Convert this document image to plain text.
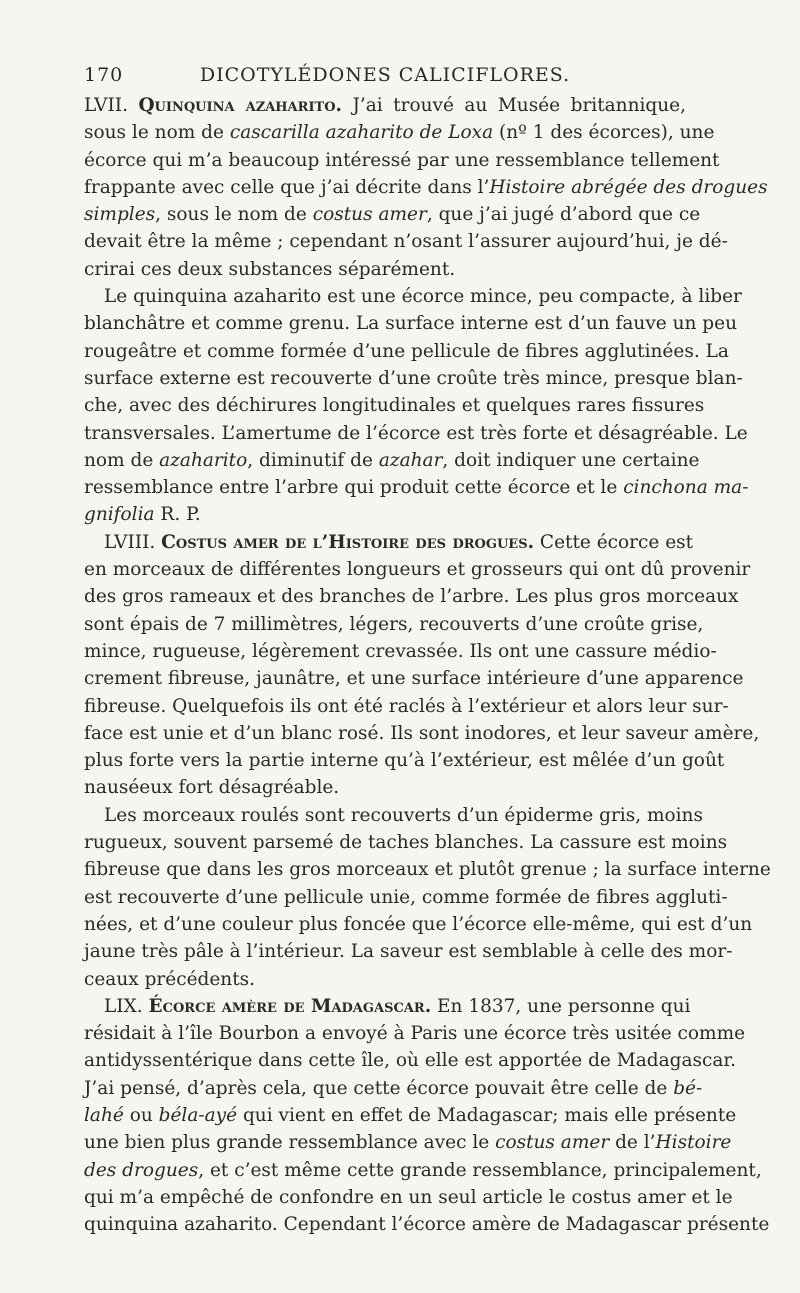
170	DICOTYLÉDONES CALICIFLORES.
LVII. Quinquina azaharito. J’ai trouvé au Musée britannique,
sous le nom de cascarilla azaharito de Loxa (nº 1 des écorces), une
écorce qui m’a beaucoup intéressé par une ressemblance tellement
frappante avec celle que j’ai décrite dans l’Histoire abrégée des drogues
simples, sous le nom de costus amer, que j’ai jugé d’abord que ce
devait être la même ; cependant n’osant l’assurer aujourd’hui, je dé-
crirai ces deux substances séparément.
Le quinquina azaharito est une écorce mince, peu compacte, à liber
blanchâtre et comme grenu. La surface interne est d’un fauve un peu
rougeâtre et comme formée d’une pellicule de fibres agglutinées. La
surface externe est recouverte d’une croûte très mince, presque blan-
che, avec des déchirures longitudinales et quelques rares fissures
transversales. L’amertume de l’écorce est très forte et désagréable. Le
nom de azaharito, diminutif de azahar, doit indiquer une certaine
ressemblance entre l’arbre qui produit cette écorce et le cinchona ma-
gnifolia R. P.
LVIII. Costus amer de l’Histoire des drogues. Cette écorce est
en morceaux de différentes longueurs et grosseurs qui ont dû provenir
des gros rameaux et des branches de l’arbre. Les plus gros morceaux
sont épais de 7 millimètres, légers, recouverts d’une croûte grise,
mince, rugueuse, légèrement crevassée. Ils ont une cassure médio-
crement fibreuse, jaunâtre, et une surface intérieure d’une apparence
fibreuse. Quelquefois ils ont été raclés à l’extérieur et alors leur sur-
face est unie et d’un blanc rosé. Ils sont inodores, et leur saveur amère,
plus forte vers la partie interne qu’à l’extérieur, est mêlée d’un goût
nauséeux fort désagréable.
Les morceaux roulés sont recouverts d’un épiderme gris, moins
rugueux, souvent parsemé de taches blanches. La cassure est moins
fibreuse que dans les gros morceaux et plutôt grenue ; la surface interne
est recouverte d’une pellicule unie, comme formée de fibres aggluti-
nées, et d’une couleur plus foncée que l’écorce elle-même, qui est d’un
jaune très pâle à l’intérieur. La saveur est semblable à celle des mor-
ceaux précédents.
LIX. Écorce amère de Madagascar. En 1837, une personne qui
résidait à l’île Bourbon a envoyé à Paris une écorce très usitée comme
antidyssentérique dans cette île, où elle est apportée de Madagascar.
J’ai pensé, d’après cela, que cette écorce pouvait être celle de bé-
lahé ou béla-ayé qui vient en effet de Madagascar; mais elle présente
une bien plus grande ressemblance avec le costus amer de l’Histoire
des drogues, et c’est même cette grande ressemblance, principalement,
qui m’a empêché de confondre en un seul article le costus amer et le
quinquina azaharito. Cependant l’écorce amère de Madagascar présente
